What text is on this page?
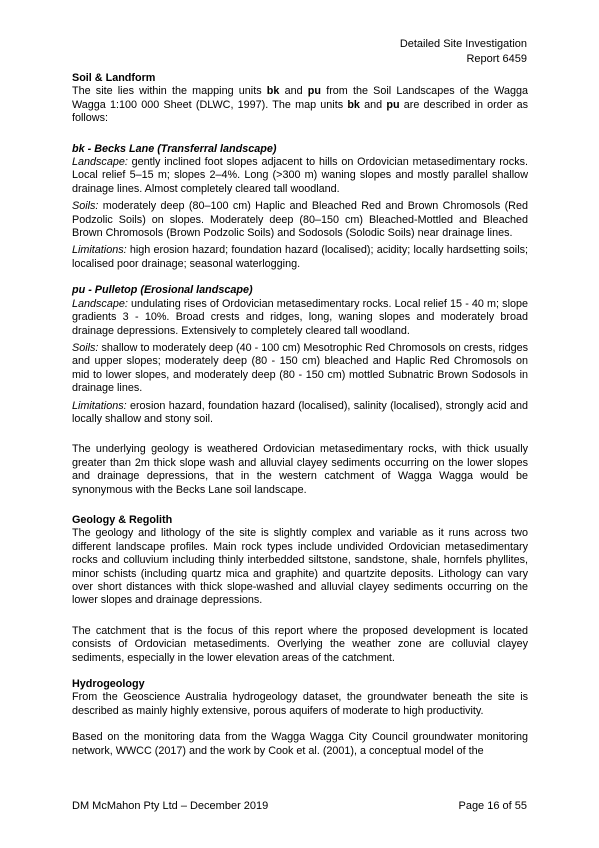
Detailed Site Investigation
Report 6459

Soil & Landform

The site lies within the mapping units bk and pu from the Soil Landscapes of the Wagga Wagga 1:100 000 Sheet (DLWC, 1997). The map units bk and pu are described in order as follows:

bk - Becks Lane (Transferral landscape)

Landscape: gently inclined foot slopes adjacent to hills on Ordovician metasedimentary rocks. Local relief 5–15 m; slopes 2–4%. Long (>300 m) waning slopes and mostly parallel shallow drainage lines. Almost completely cleared tall woodland.

Soils: moderately deep (80–100 cm) Haplic and Bleached Red and Brown Chromosols (Red Podzolic Soils) on slopes. Moderately deep (80–150 cm) Bleached-Mottled and Bleached Brown Chromosols (Brown Podzolic Soils) and Sodosols (Solodic Soils) near drainage lines.

Limitations: high erosion hazard; foundation hazard (localised); acidity; locally hardsetting soils; localised poor drainage; seasonal waterlogging.

pu - Pulletop (Erosional landscape)

Landscape: undulating rises of Ordovician metasedimentary rocks. Local relief 15 - 40 m; slope gradients 3 - 10%. Broad crests and ridges, long, waning slopes and moderately broad drainage depressions. Extensively to completely cleared tall woodland.

Soils: shallow to moderately deep (40 - 100 cm) Mesotrophic Red Chromosols on crests, ridges and upper slopes; moderately deep (80 - 150 cm) bleached and Haplic Red Chromosols on mid to lower slopes, and moderately deep (80 - 150 cm) mottled Subnatric Brown Sodosols in drainage lines.

Limitations: erosion hazard, foundation hazard (localised), salinity (localised), strongly acid and locally shallow and stony soil.

The underlying geology is weathered Ordovician metasedimentary rocks, with thick usually greater than 2m thick slope wash and alluvial clayey sediments occurring on the lower slopes and drainage depressions, that in the western catchment of Wagga Wagga would be synonymous with the Becks Lane soil landscape.

Geology & Regolith

The geology and lithology of the site is slightly complex and variable as it runs across two different landscape profiles. Main rock types include undivided Ordovician metasedimentary rocks and colluvium including thinly interbedded siltstone, sandstone, shale, hornfels phyllites, minor schists (including quartz mica and graphite) and quartzite deposits. Lithology can vary over short distances with thick slope-washed and alluvial clayey sediments occurring on the lower slopes and drainage depressions.

The catchment that is the focus of this report where the proposed development is located consists of Ordovician metasediments. Overlying the weather zone are colluvial clayey sediments, especially in the lower elevation areas of the catchment.

Hydrogeology

From the Geoscience Australia hydrogeology dataset, the groundwater beneath the site is described as mainly highly extensive, porous aquifers of moderate to high productivity.

Based on the monitoring data from the Wagga Wagga City Council groundwater monitoring network, WWCC (2017) and the work by Cook et al. (2001), a conceptual model of the

DM McMahon Pty Ltd – December 2019	Page 16 of 55
